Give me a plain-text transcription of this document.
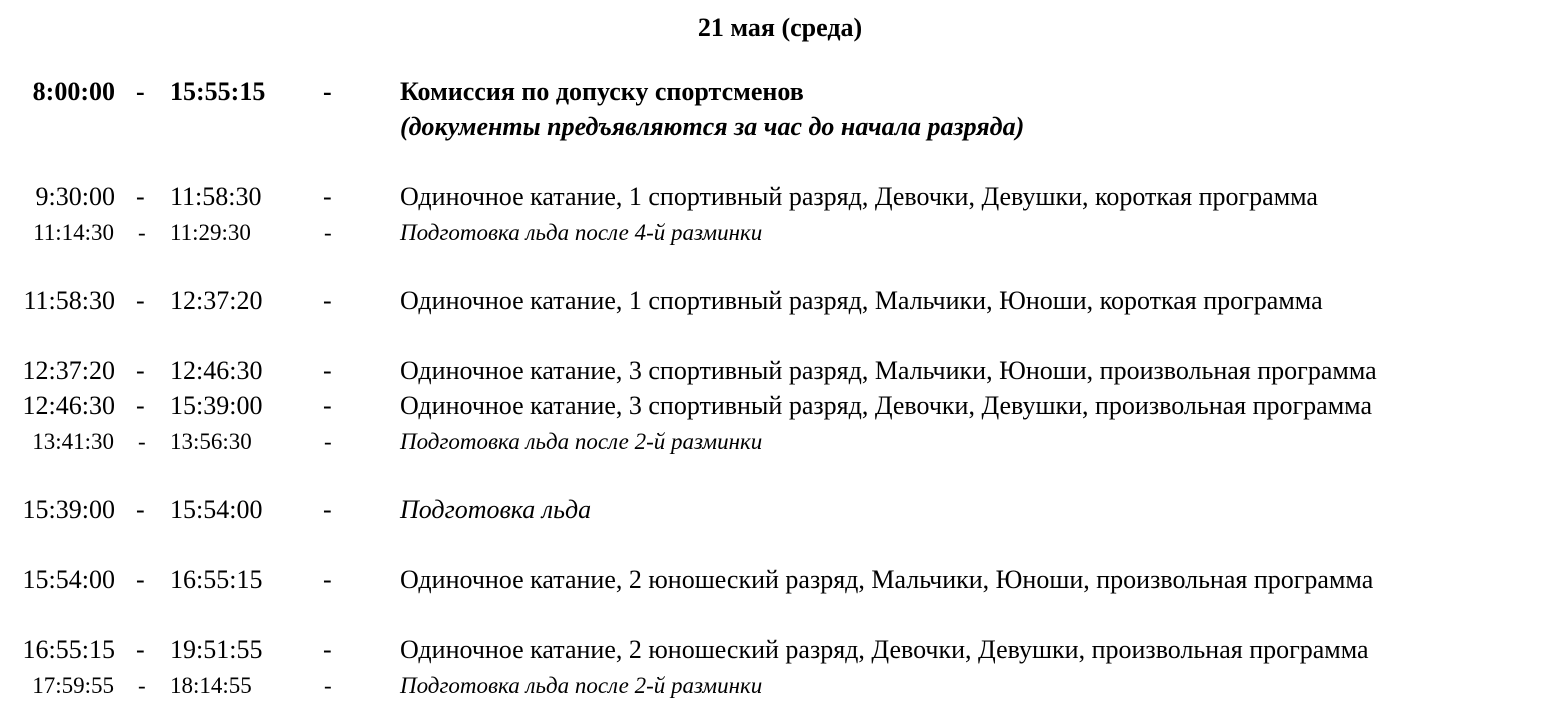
21 мая (среда)
8:00:00 - 15:55:15 -	Комиссия по допуску спортсменов
(документы предъявляются за час до начала разряда)
9:30:00 - 11:58:30 -	Одиночное катание, 1 спортивный разряд, Девочки, Девушки, короткая программа
11:14:30 - 11:29:30	-	Подготовка льда после 4-й разминки
11:58:30 - 12:37:20 -	Одиночное катание, 1 спортивный разряд, Мальчики, Юноши, короткая программа
12:37:20 - 12:46:30 -	Одиночное катание, 3 спортивный разряд, Мальчики, Юноши, произвольная программа
12:46:30 - 15:39:00 -	Одиночное катание, 3 спортивный разряд, Девочки, Девушки, произвольная программа
13:41:30 - 13:56:30	-	Подготовка льда после 2-й разминки
15:39:00 - 15:54:00 -	Подготовка льда
15:54:00 - 16:55:15 -	Одиночное катание, 2 юношеский разряд, Мальчики, Юноши, произвольная программа
16:55:15 - 19:51:55 -	Одиночное катание, 2 юношеский разряд, Девочки, Девушки, произвольная программа
17:59:55 - 18:14:55	-	Подготовка льда после 2-й разминки
